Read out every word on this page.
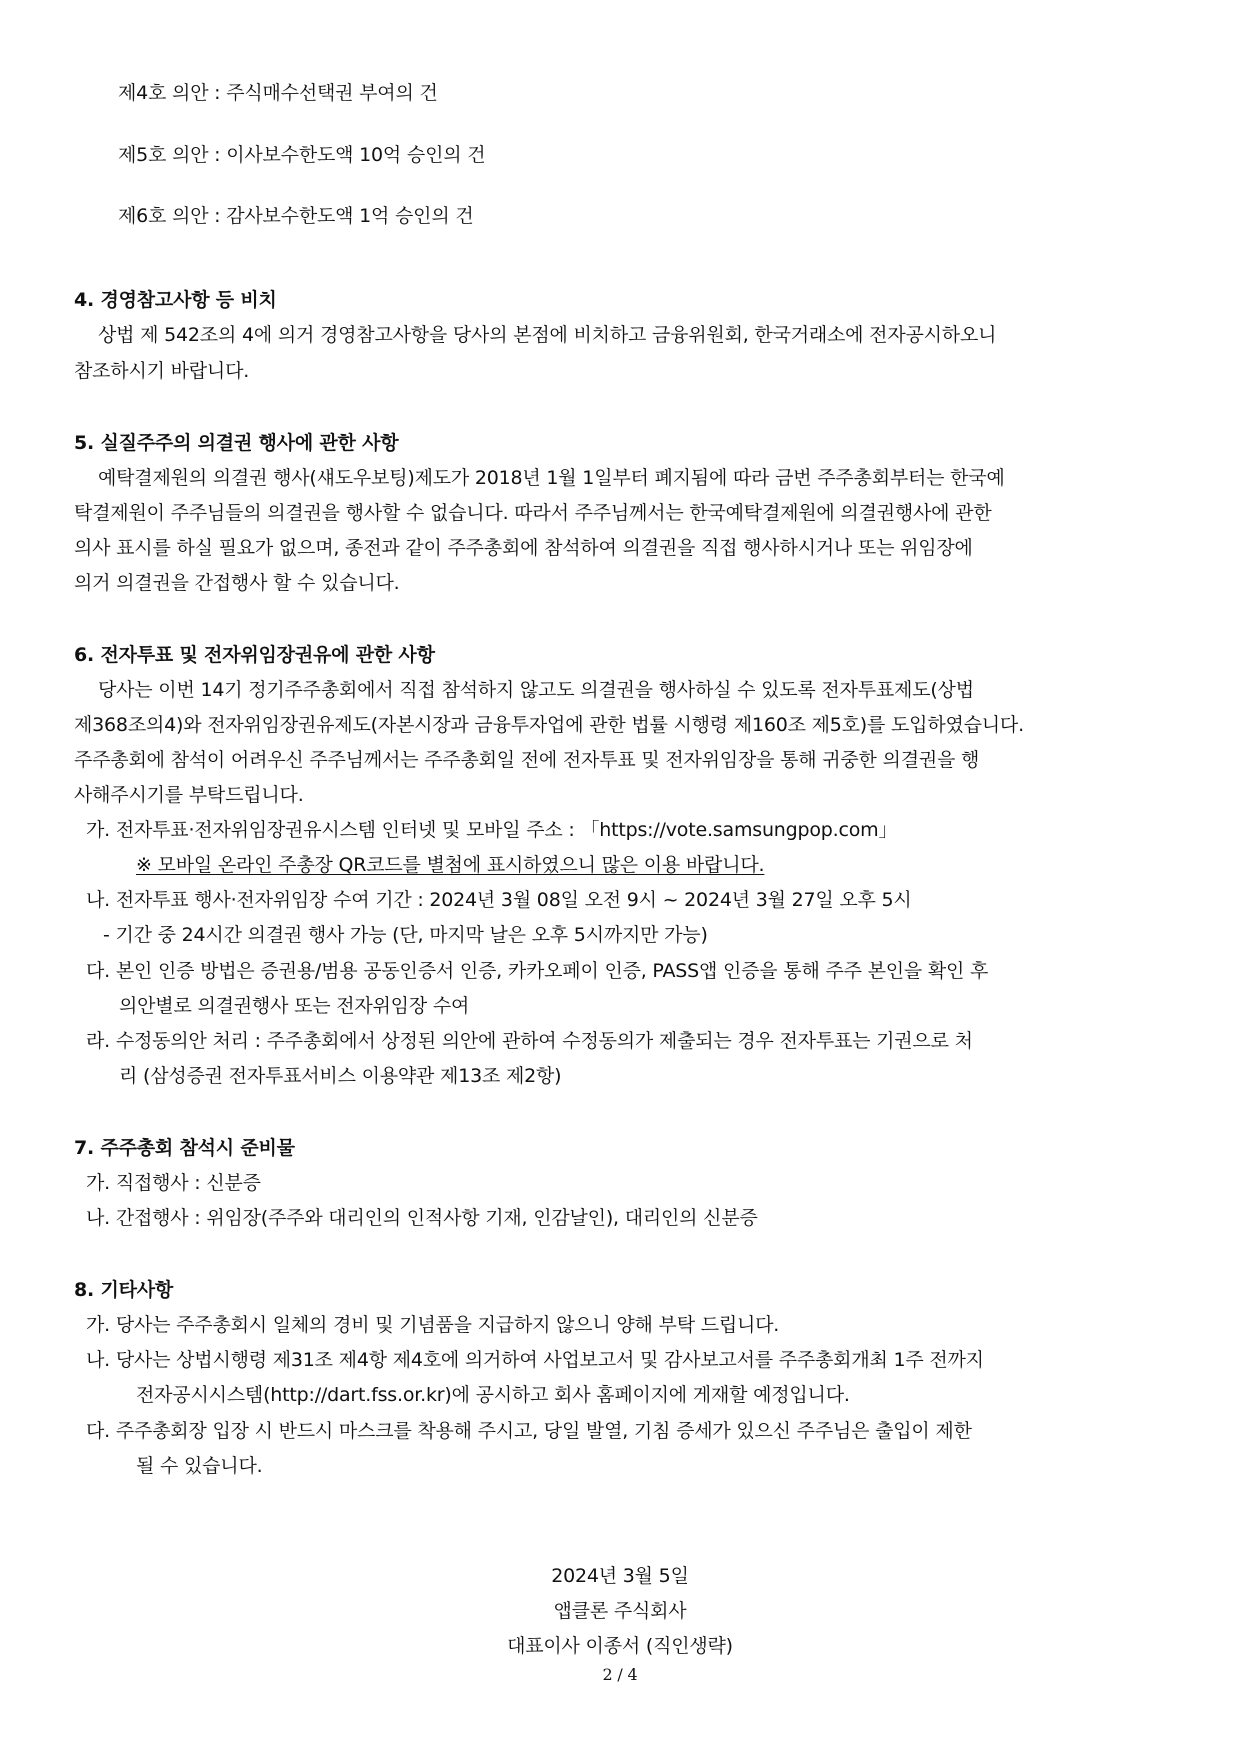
제4호 의안 : 주식매수선택권 부여의 건
제5호 의안 : 이사보수한도액 10억 승인의 건
제6호 의안 : 감사보수한도액 1억 승인의 건
4. 경영참고사항 등 비치
상법 제 542조의 4에 의거 경영참고사항을 당사의 본점에 비치하고 금융위원회, 한국거래소에 전자공시하오니
참조하시기 바랍니다.
5. 실질주주의 의결권 행사에 관한 사항
예탁결제원의 의결권 행사(섀도우보팅)제도가 2018년 1월 1일부터 폐지됨에 따라 금번 주주총회부터는 한국예
탁결제원이 주주님들의 의결권을 행사할 수 없습니다. 따라서 주주님께서는 한국예탁결제원에 의결권행사에 관한
의사 표시를 하실 필요가 없으며, 종전과 같이 주주총회에 참석하여 의결권을 직접 행사하시거나 또는 위임장에
의거 의결권을 간접행사 할 수 있습니다.
6. 전자투표 및 전자위임장권유에 관한 사항
당사는 이번 14기 정기주주총회에서 직접 참석하지 않고도 의결권을 행사하실 수 있도록 전자투표제도(상법
제368조의4)와 전자위임장권유제도(자본시장과 금융투자업에 관한 법률 시행령 제160조 제5호)를 도입하였습니다.
주주총회에 참석이 어려우신 주주님께서는 주주총회일 전에 전자투표 및 전자위임장을 통해 귀중한 의결권을 행
사해주시기를 부탁드립니다.
가. 전자투표·전자위임장권유시스템 인터넷 및 모바일 주소 : 「https://vote.samsungpop.com」
※ 모바일 온라인 주총장 QR코드를 별첨에 표시하였으니 많은 이용 바랍니다.
나. 전자투표 행사·전자위임장 수여 기간 : 2024년 3월 08일 오전 9시 ~ 2024년 3월 27일 오후 5시
- 기간 중 24시간 의결권 행사 가능 (단, 마지막 날은 오후 5시까지만 가능)
다. 본인 인증 방법은 증권용/범용 공동인증서 인증, 카카오페이 인증, PASS앱 인증을 통해 주주 본인을 확인 후
의안별로 의결권행사 또는 전자위임장 수여
라. 수정동의안 처리 : 주주총회에서 상정된 의안에 관하여 수정동의가 제출되는 경우 전자투표는 기권으로 처
리 (삼성증권 전자투표서비스 이용약관 제13조 제2항)
7. 주주총회 참석시 준비물
가. 직접행사 : 신분증
나. 간접행사 : 위임장(주주와 대리인의 인적사항 기재, 인감날인), 대리인의 신분증
8. 기타사항
가. 당사는 주주총회시 일체의 경비 및 기념품을 지급하지 않으니 양해 부탁 드립니다.
나. 당사는 상법시행령 제31조 제4항 제4호에 의거하여 사업보고서 및 감사보고서를 주주총회개최 1주 전까지
전자공시시스템(http://dart.fss.or.kr)에 공시하고 회사 홈페이지에 게재할 예정입니다.
다. 주주총회장 입장 시 반드시 마스크를 착용해 주시고, 당일 발열, 기침 증세가 있으신 주주님은 출입이 제한
될 수 있습니다.
2024년 3월 5일
앱클론 주식회사
대표이사 이종서 (직인생략)
2 / 4
